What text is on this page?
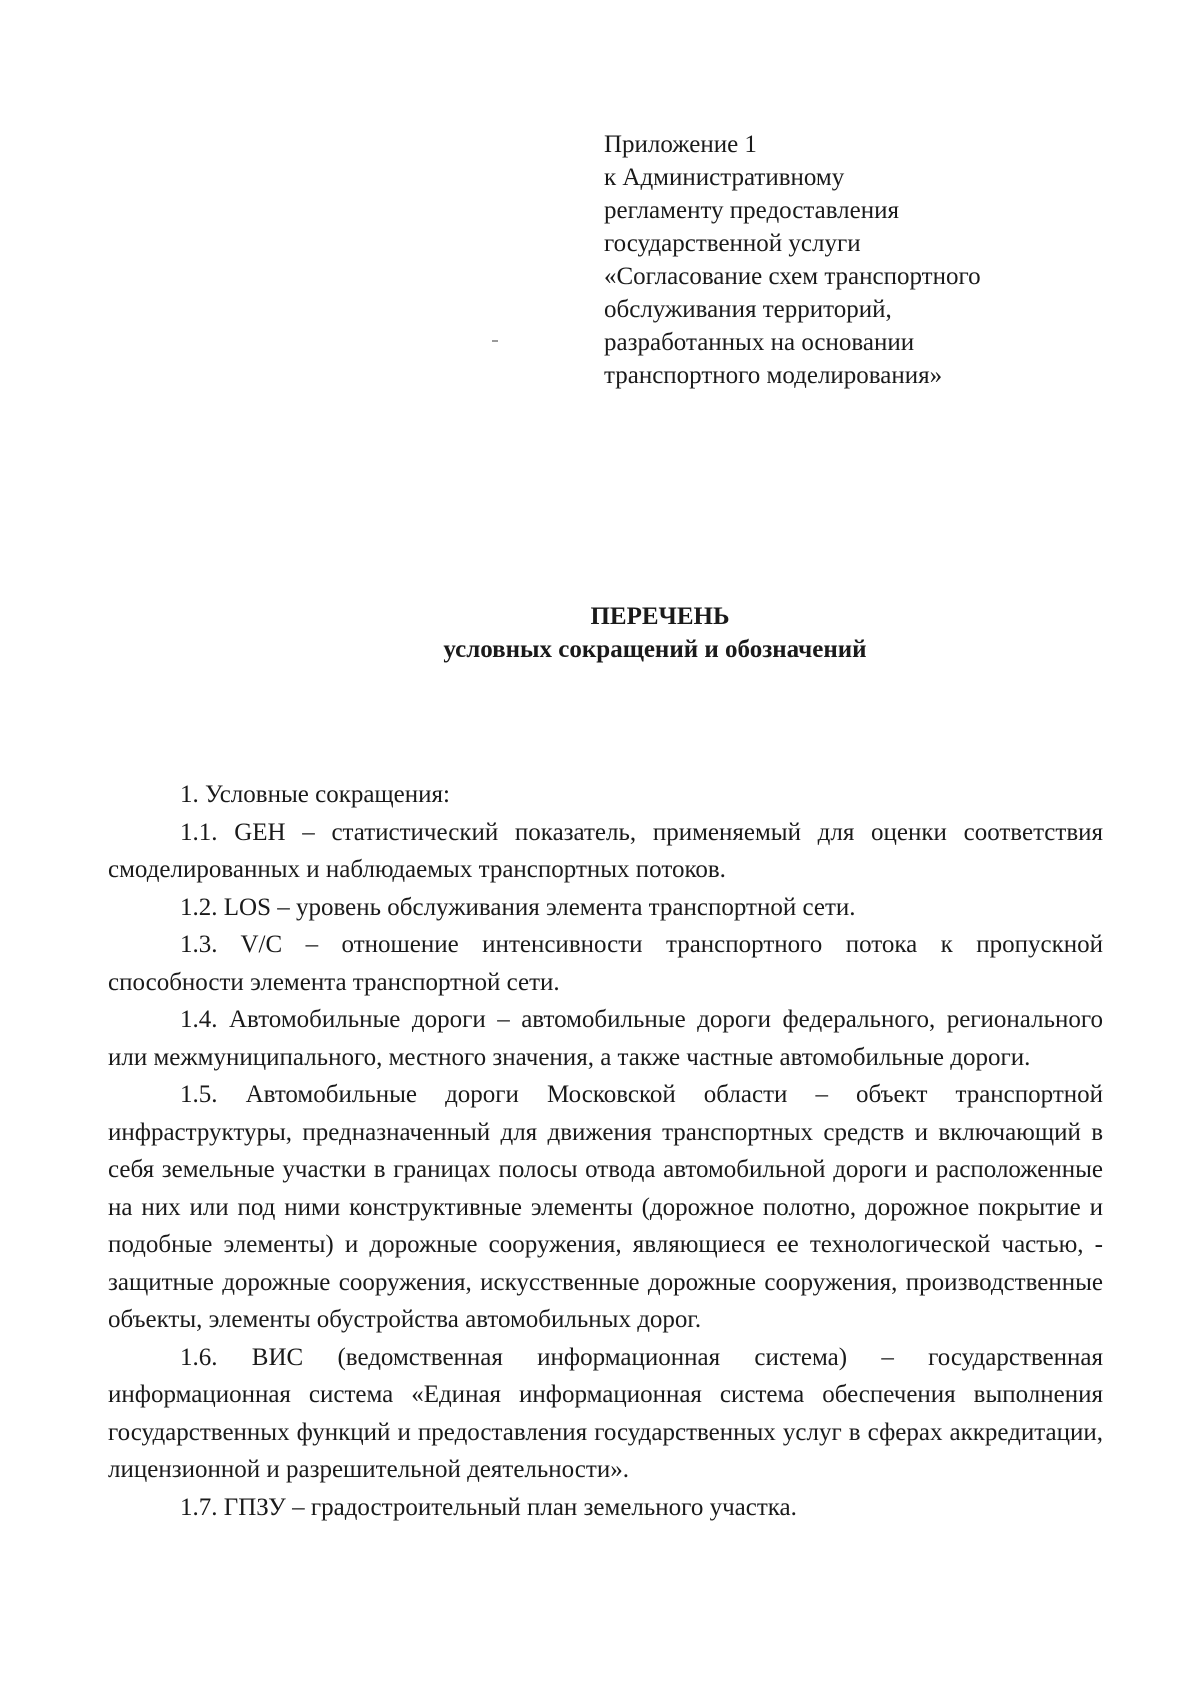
Приложение 1
к Административному
регламенту предоставления
государственной услуги
«Согласование схем транспортного
обслуживания территорий,
разработанных на основании
транспортного моделирования»
ПЕРЕЧЕНЬ
условных сокращений и обозначений

1. Условные сокращения:

1.1. GEH – статистический показатель, применяемый для оценки соответствия смоделированных и наблюдаемых транспортных потоков.

1.2. LOS – уровень обслуживания элемента транспортной сети.

1.3. V/C – отношение интенсивности транспортного потока к пропускной способности элемента транспортной сети.

1.4. Автомобильные дороги – автомобильные дороги федерального, регионального или межмуниципального, местного значения, а также частные автомобильные дороги.

1.5. Автомобильные дороги Московской области – объект транспортной инфраструктуры, предназначенный для движения транспортных средств и включающий в себя земельные участки в границах полосы отвода автомобильной дороги и расположенные на них или под ними конструктивные элементы (дорожное полотно, дорожное покрытие и подобные элементы) и дорожные сооружения, являющиеся ее технологической частью, - защитные дорожные сооружения, искусственные дорожные сооружения, производственные объекты, элементы обустройства автомобильных дорог.

1.6. ВИС (ведомственная информационная система) – государственная информационная система «Единая информационная система обеспечения выполнения государственных функций и предоставления государственных услуг в сферах аккредитации, лицензионной и разрешительной деятельности».

1.7. ГПЗУ – градостроительный план земельного участка.
